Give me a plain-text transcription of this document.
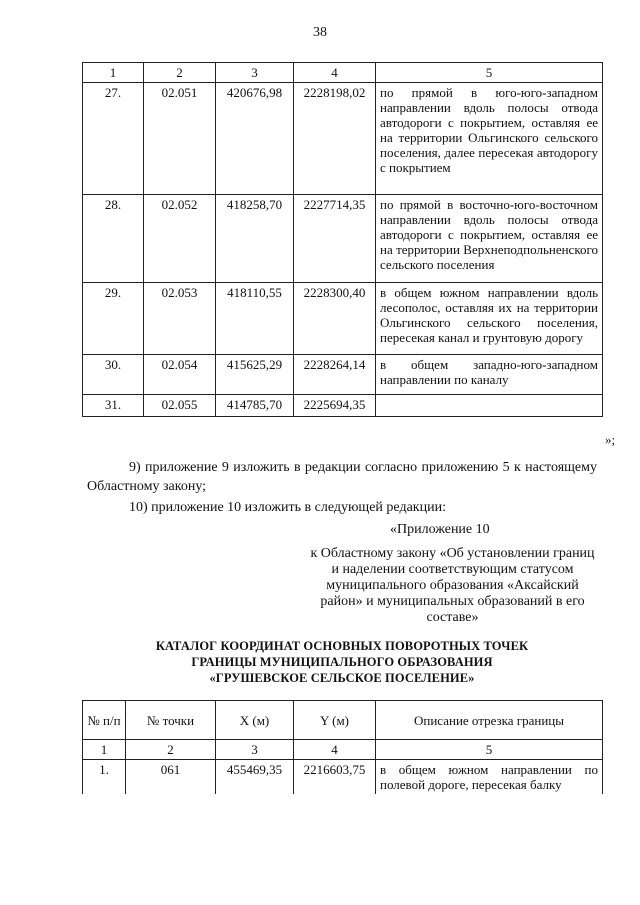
38
1	2	3	4	5
27.	02.051	420676,98	2228198,02	по прямой в юго-юго-западном направлении вдоль полосы отвода автодороги с покрытием, оставляя ее на территории Ольгинского сельского поселения, далее пересекая автодорогу с покрытием
28.	02.052	418258,70	2227714,35	по прямой в восточно-юго-восточном направлении вдоль полосы отвода автодороги с покрытием, оставляя ее на территории Верхнеподпольненского сельского поселения
29.	02.053	418110,55	2228300,40	в общем южном направлении вдоль лесополос, оставляя их на территории Ольгинского сельского поселения, пересекая канал и грунтовую дорогу
30.	02.054	415625,29	2228264,14	в общем западно-юго-западном направлении по каналу
31.	02.055	414785,70	2225694,35	
»;
9) приложение 9 изложить в редакции согласно приложению 5 к настоящему Областному закону;
10) приложение 10 изложить в следующей редакции:
«Приложение 10
к Областному закону «Об установлении границ и наделении соответствующим статусом муниципального образования «Аксайский район» и муниципальных образований в его составе»
КАТАЛОГ КООРДИНАТ ОСНОВНЫХ ПОВОРОТНЫХ ТОЧЕК
ГРАНИЦЫ МУНИЦИПАЛЬНОГО ОБРАЗОВАНИЯ
«ГРУШЕВСКОЕ СЕЛЬСКОЕ ПОСЕЛЕНИЕ»
№ п/п	№ точки	X (м)	Y (м)	Описание отрезка границы
1	2	3	4	5
1.	061	455469,35	2216603,75	в общем южном направлении по полевой дороге, пересекая балку
